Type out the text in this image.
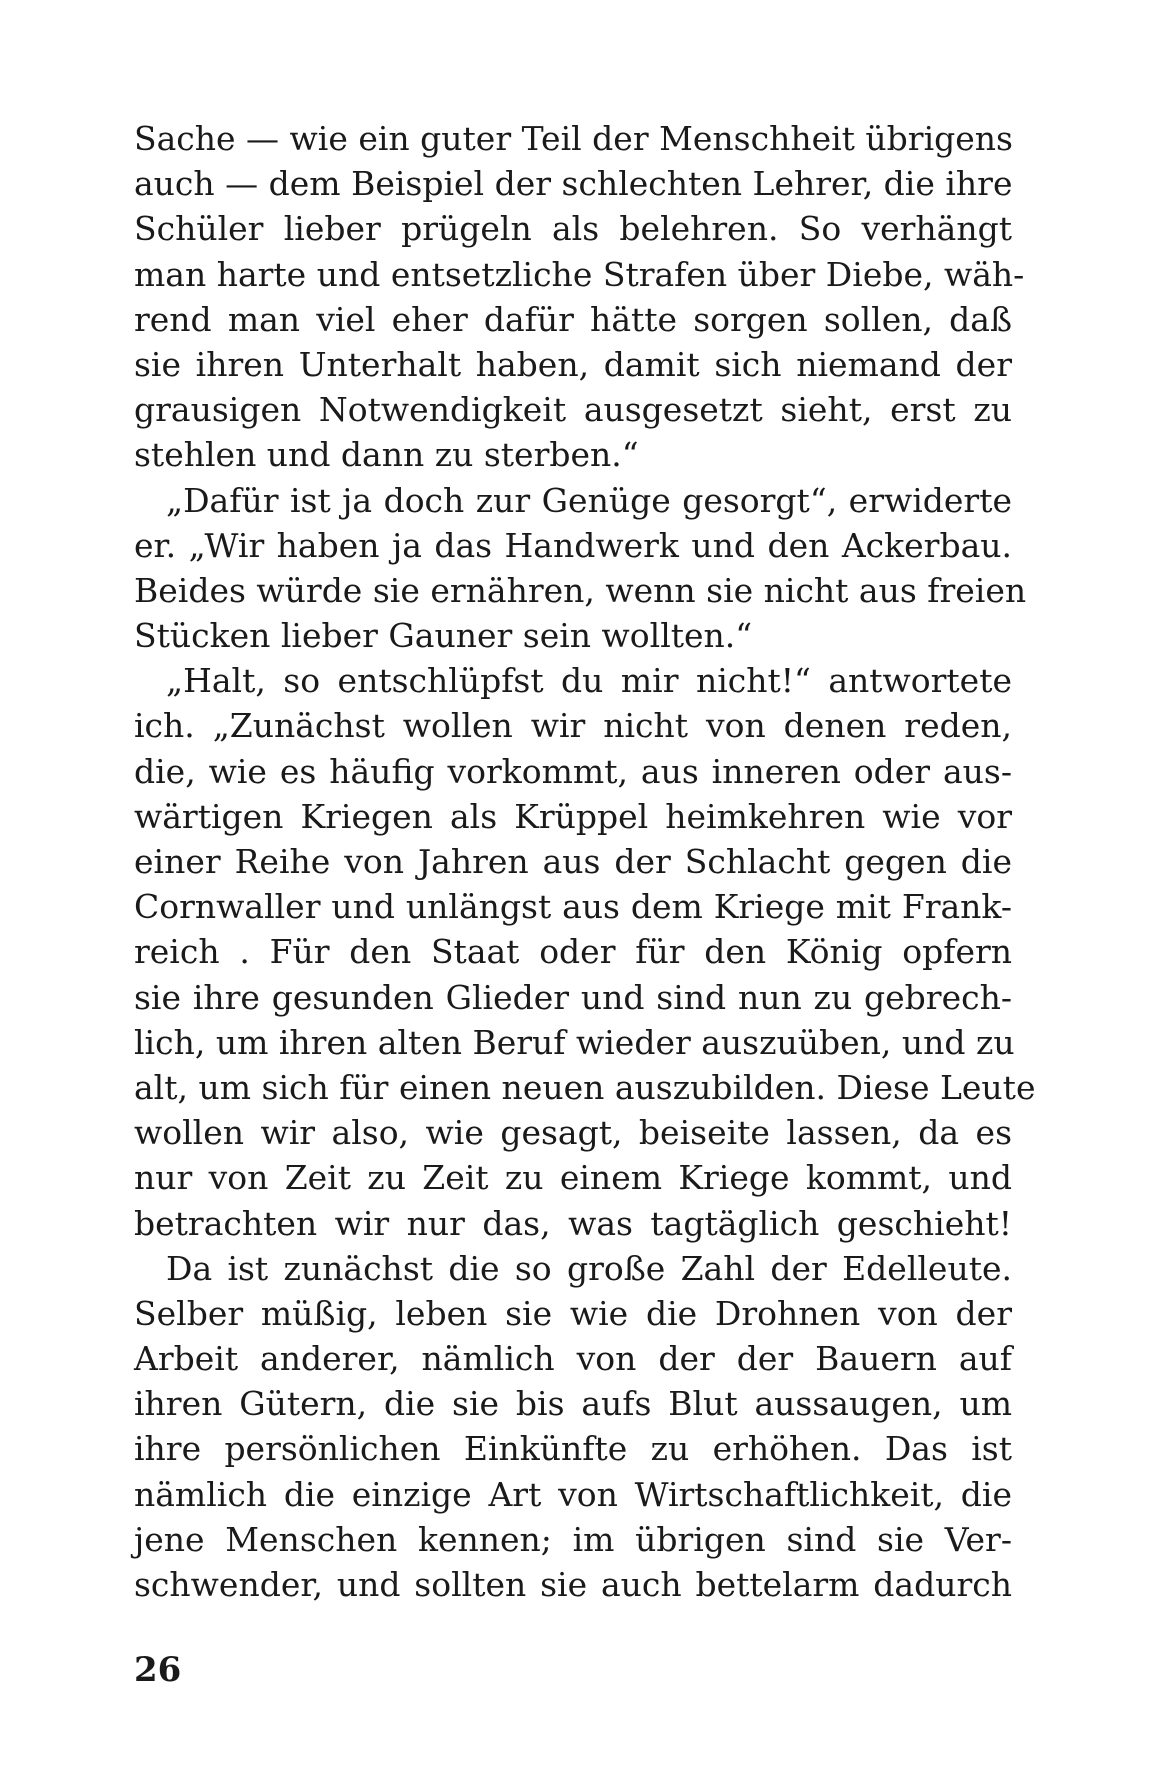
Sache — wie ein guter Teil der Menschheit übrigens
auch — dem Beispiel der schlechten Lehrer, die ihre
Schüler lieber prügeln als belehren. So verhängt
man harte und entsetzliche Strafen über Diebe, wäh-
rend man viel eher dafür hätte sorgen sollen, daß
sie ihren Unterhalt haben, damit sich niemand der
grausigen Notwendigkeit ausgesetzt sieht, erst zu
stehlen und dann zu sterben.“
„Dafür ist ja doch zur Genüge gesorgt“, erwiderte
er. „Wir haben ja das Handwerk und den Ackerbau.
Beides würde sie ernähren, wenn sie nicht aus freien
Stücken lieber Gauner sein wollten.“
„Halt, so entschlüpfst du mir nicht!“ antwortete
ich. „Zunächst wollen wir nicht von denen reden,
die, wie es häufig vorkommt, aus inneren oder aus-
wärtigen Kriegen als Krüppel heimkehren wie vor
einer Reihe von Jahren aus der Schlacht gegen die
Cornwaller und unlängst aus dem Kriege mit Frank-
reich . Für den Staat oder für den König opfern
sie ihre gesunden Glieder und sind nun zu gebrech-
lich, um ihren alten Beruf wieder auszuüben, und zu
alt, um sich für einen neuen auszubilden. Diese Leute
wollen wir also, wie gesagt, beiseite lassen, da es
nur von Zeit zu Zeit zu einem Kriege kommt, und
betrachten wir nur das, was tagtäglich geschieht!
Da ist zunächst die so große Zahl der Edelleute.
Selber müßig, leben sie wie die Drohnen von der
Arbeit anderer, nämlich von der der Bauern auf
ihren Gütern, die sie bis aufs Blut aussaugen, um
ihre persönlichen Einkünfte zu erhöhen. Das ist
nämlich die einzige Art von Wirtschaftlichkeit, die
jene Menschen kennen; im übrigen sind sie Ver-
schwender, und sollten sie auch bettelarm dadurch
26
